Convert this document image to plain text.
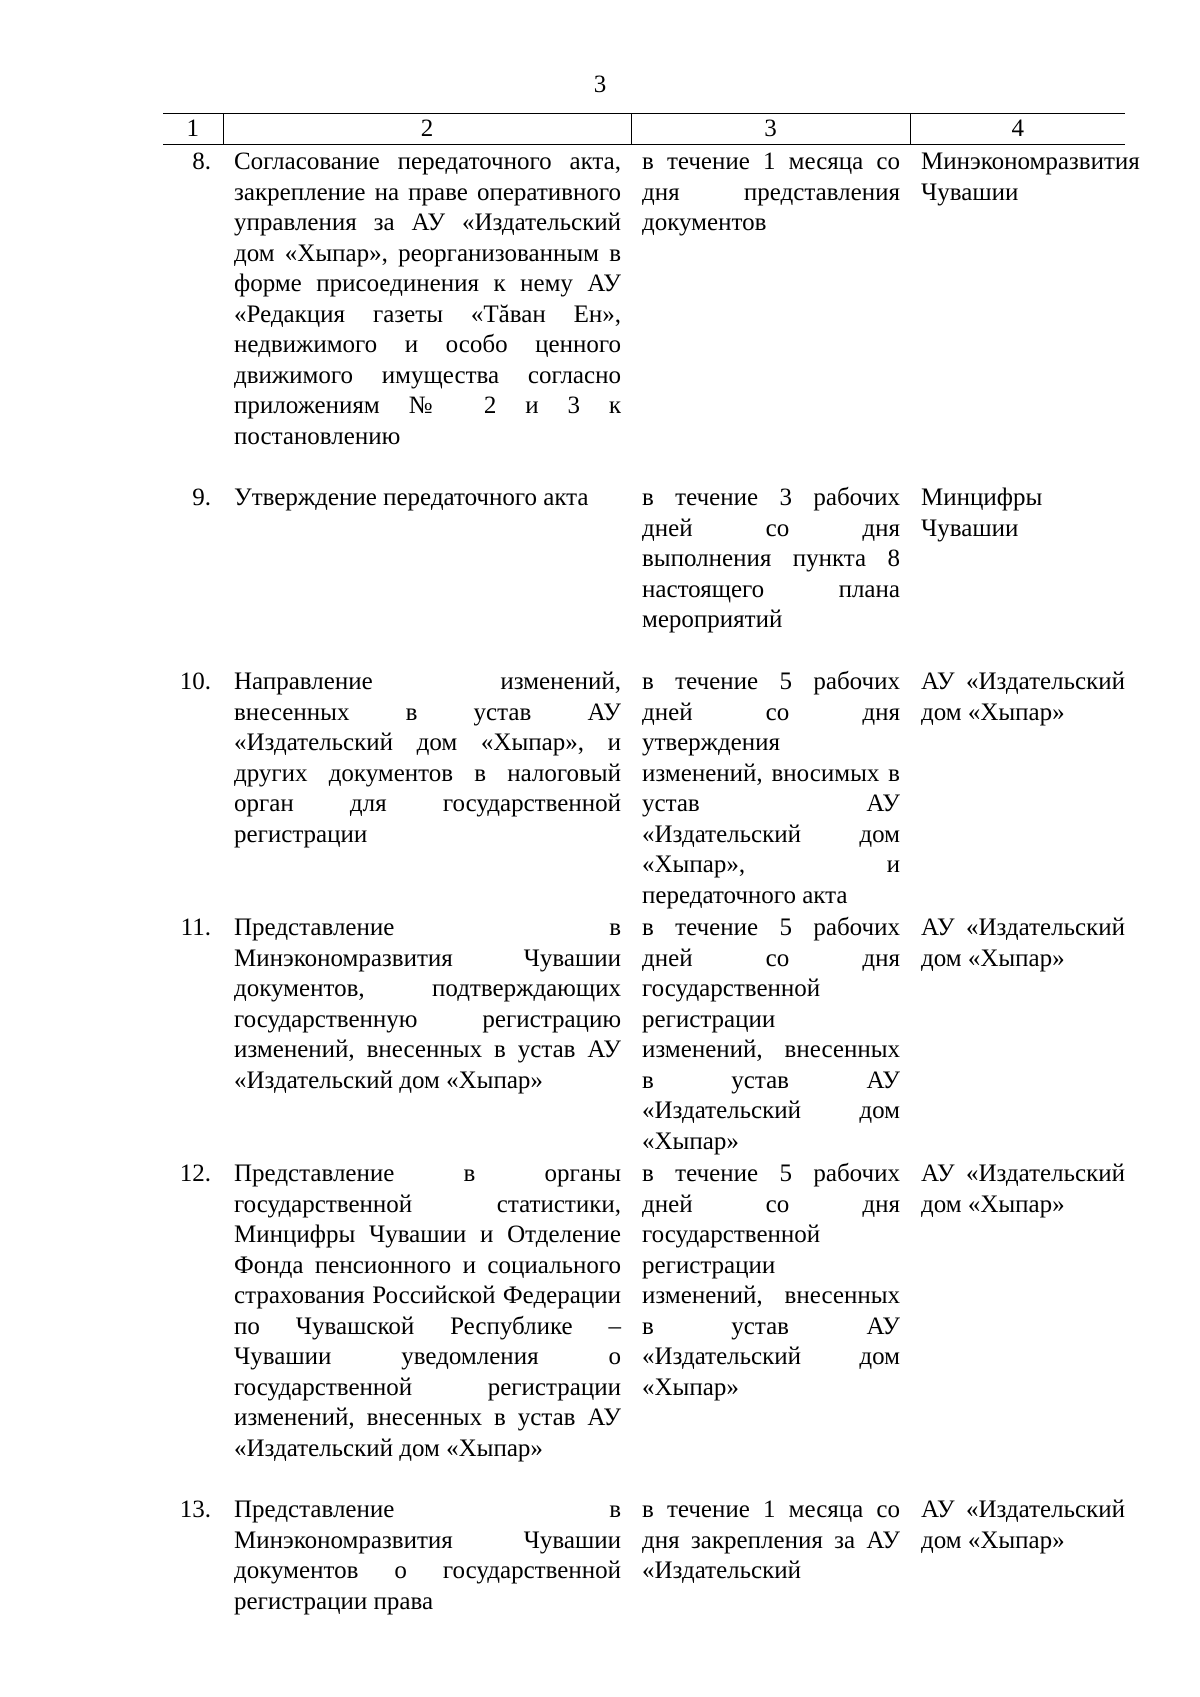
3
1	2	3	4
8.	Согласование передаточного акта, закрепление на праве оперативного управления за АУ «Издательский дом «Хыпар», реорганизованным в форме присоединения к нему АУ «Редакция газеты «Тăван Ен», недвижимого и особо ценного движимого имущества согласно приложениям № 2 и 3 к постановлению	в течение 1 месяца со дня представления документов	Минэкономразвития Чувашии
9.	Утверждение передаточного акта	в течение 3 рабочих дней со дня выполнения пункта 8 настоящего плана мероприятий	Минцифры Чувашии
10.	Направление изменений, внесенных в устав АУ «Издательский дом «Хыпар», и других документов в налоговый орган для государственной регистрации	в течение 5 рабочих дней со дня утверждения изменений, вносимых в устав АУ «Издательский дом «Хыпар», и передаточного акта	АУ «Издательский дом «Хыпар»
11.	Представление в Минэкономразвития Чувашии документов, подтверждающих государственную регистрацию изменений, внесенных в устав АУ «Издательский дом «Хыпар»	в течение 5 рабочих дней со дня государственной регистрации изменений, внесенных в устав АУ «Издательский дом «Хыпар»	АУ «Издательский дом «Хыпар»
12.	Представление в органы государственной статистики, Минцифры Чувашии и Отделение Фонда пенсионного и социального страхования Российской Федерации по Чувашской Республике – Чувашии уведомления о государственной регистрации изменений, внесенных в устав АУ «Издательский дом «Хыпар»	в течение 5 рабочих дней со дня государственной регистрации изменений, внесенных в устав АУ «Издательский дом «Хыпар»	АУ «Издательский дом «Хыпар»
13.	Представление в Минэкономразвития Чувашии документов о государственной регистрации права	в течение 1 месяца со дня закрепления за АУ «Издательский	АУ «Издательский дом «Хыпар»
